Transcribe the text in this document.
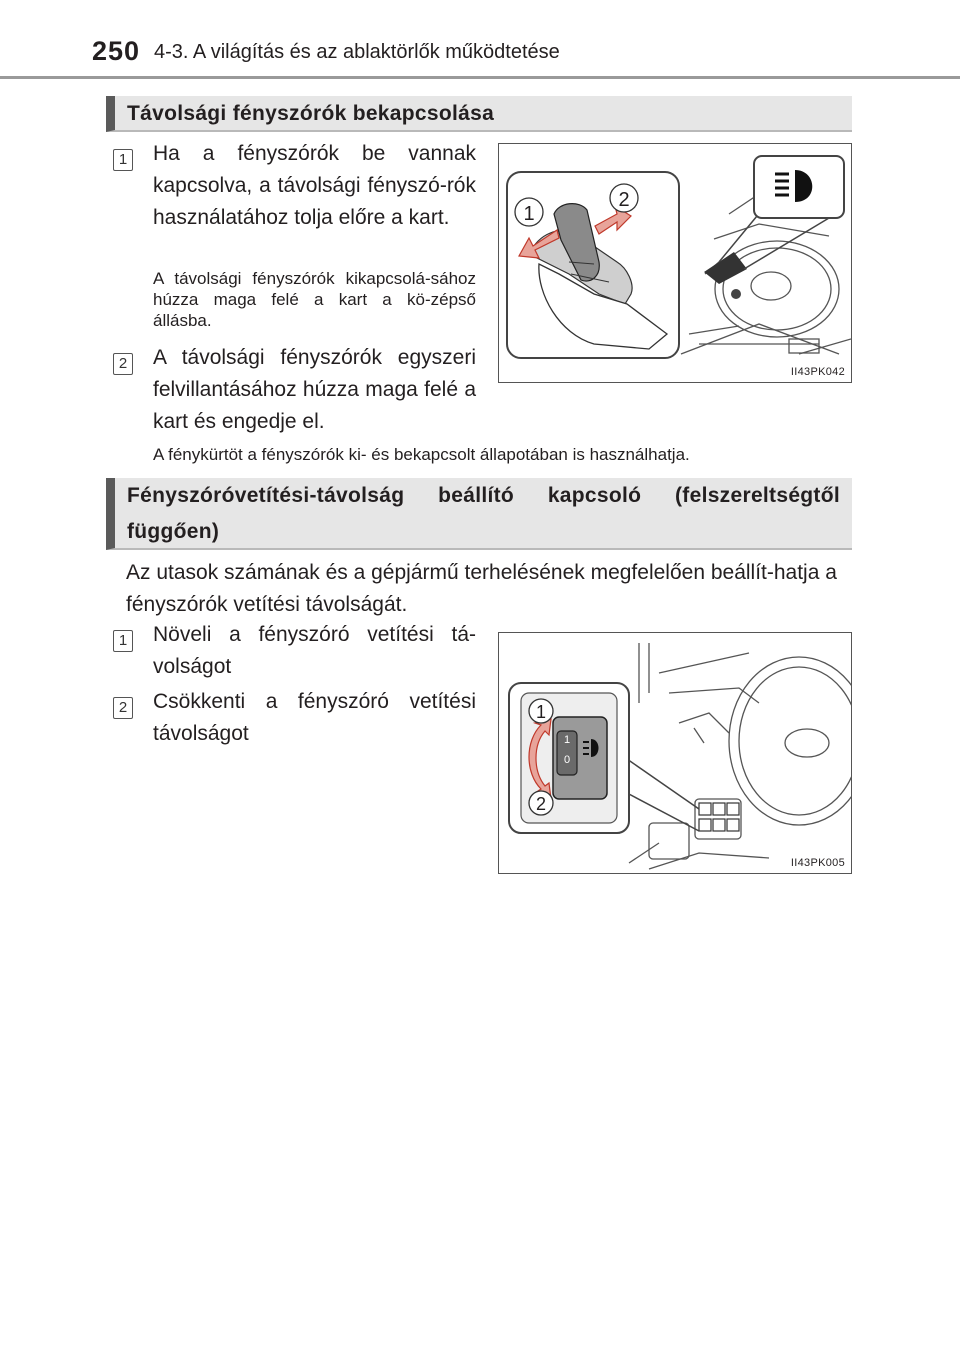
250 4-3. A világítás és az ablaktörlők működtetése
Távolsági fényszórók bekapcsolása
1 Ha a fényszórók be vannak kapcsolva, a távolsági fényszó-rók használatához tolja előre a kart.
A távolsági fényszórók kikapcsolá-sához húzza maga felé a kart a kö-zépső állásba.
2 A távolsági fényszórók egyszeri felvillantásához húzza maga felé a kart és engedje el.
A fénykürtöt a fényszórók ki- és bekapcsolt állapotában is használhatja.
1
2
II43PK042
Fényszóróvetítési-távolság beállító kapcsoló (felszereltségtől függően)
Az utasok számának és a gépjármű terhelésének megfelelően beállít-hatja a fényszórók vetítési távolságát.
1 Növeli a fényszóró vetítési tá-volságot
2 Csökkenti a fényszóró vetítési távolságot	1
0
1
2
II43PK005
